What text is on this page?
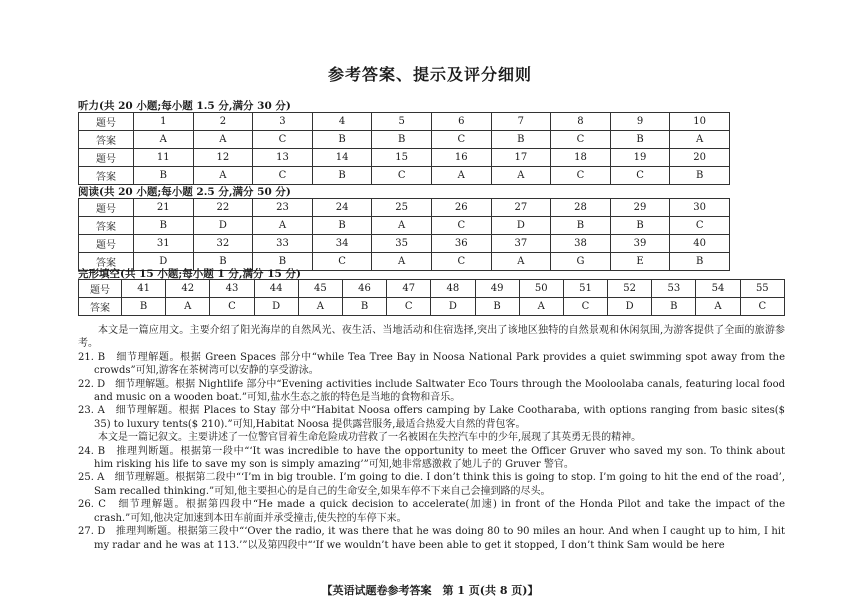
参考答案、提示及评分细则
听力(共 20 小题;每小题 1.5 分,满分 30 分)
题号	1	2	3	4	5	6	7	8	9	10
答案	A	A	C	B	B	C	B	C	B	A
题号	11	12	13	14	15	16	17	18	19	20
答案	B	A	C	B	C	A	A	C	C	B
阅读(共 20 小题;每小题 2.5 分,满分 50 分)
题号	21	22	23	24	25	26	27	28	29	30
答案	B	D	A	B	A	C	D	B	B	C
题号	31	32	33	34	35	36	37	38	39	40
答案	D	B	B	C	A	C	A	G	E	B
完形填空(共 15 小题;每小题 1 分,满分 15 分)
题号	41	42	43	44	45	46	47	48	49	50	51	52	53	54	55
答案	B	A	C	D	A	B	C	D	B	A	C	D	B	A	C

本文是一篇应用文。主要介绍了阳光海岸的自然风光、夜生活、当地活动和住宿选择,突出了该地区独特的自然景观和休闲氛围,为游客提供了全面的旅游参考。

21. B　细节理解题。根据 Green Spaces 部分中“while Tea Tree Bay in Noosa National Park provides a quiet swimming spot away from the crowds”可知,游客在茶树湾可以安静的享受游泳。

22. D　细节理解题。根据 Nightlife 部分中“Evening activities include Saltwater Eco Tours through the Mooloolaba canals, featuring local food and music on a wooden boat.”可知,盐水生态之旅的特色是当地的食物和音乐。

23. A　细节理解题。根据 Places to Stay 部分中“Habitat Noosa offers camping by Lake Cootharaba, with options ranging from basic sites($ 35) to luxury tents($ 210).”可知,Habitat Noosa 提供露营服务,最适合热爱大自然的背包客。

本文是一篇记叙文。主要讲述了一位警官冒着生命危险成功营救了一名被困在失控汽车中的少年,展现了其英勇无畏的精神。

24. B　推理判断题。根据第一段中“‘It was incredible to have the opportunity to meet the Officer Gruver who saved my son. To think about him risking his life to save my son is simply amazing’”可知,她非常感激救了她儿子的 Gruver 警官。

25. A　细节理解题。根据第二段中“‘I’m in big trouble. I’m going to die. I don’t think this is going to stop. I’m going to hit the end of the road’, Sam recalled thinking.”可知,他主要担心的是自己的生命安全,如果车停不下来自己会撞到路的尽头。

26. C　细节理解题。根据第四段中“He made a quick decision to accelerate(加速) in front of the Honda Pilot and take the impact of the crash.”可知,他决定加速到本田车前面并承受撞击,使失控的车停下来。

27. D　推理判断题。根据第三段中“‘Over the radio, it was there that he was doing 80 to 90 miles an hour. And when I caught up to him, I hit my radar and he was at 113.’”以及第四段中“‘If we wouldn’t have been able to get it stopped, I don’t think Sam would be here

【英语试题卷参考答案　第 1 页(共 8 页)】
